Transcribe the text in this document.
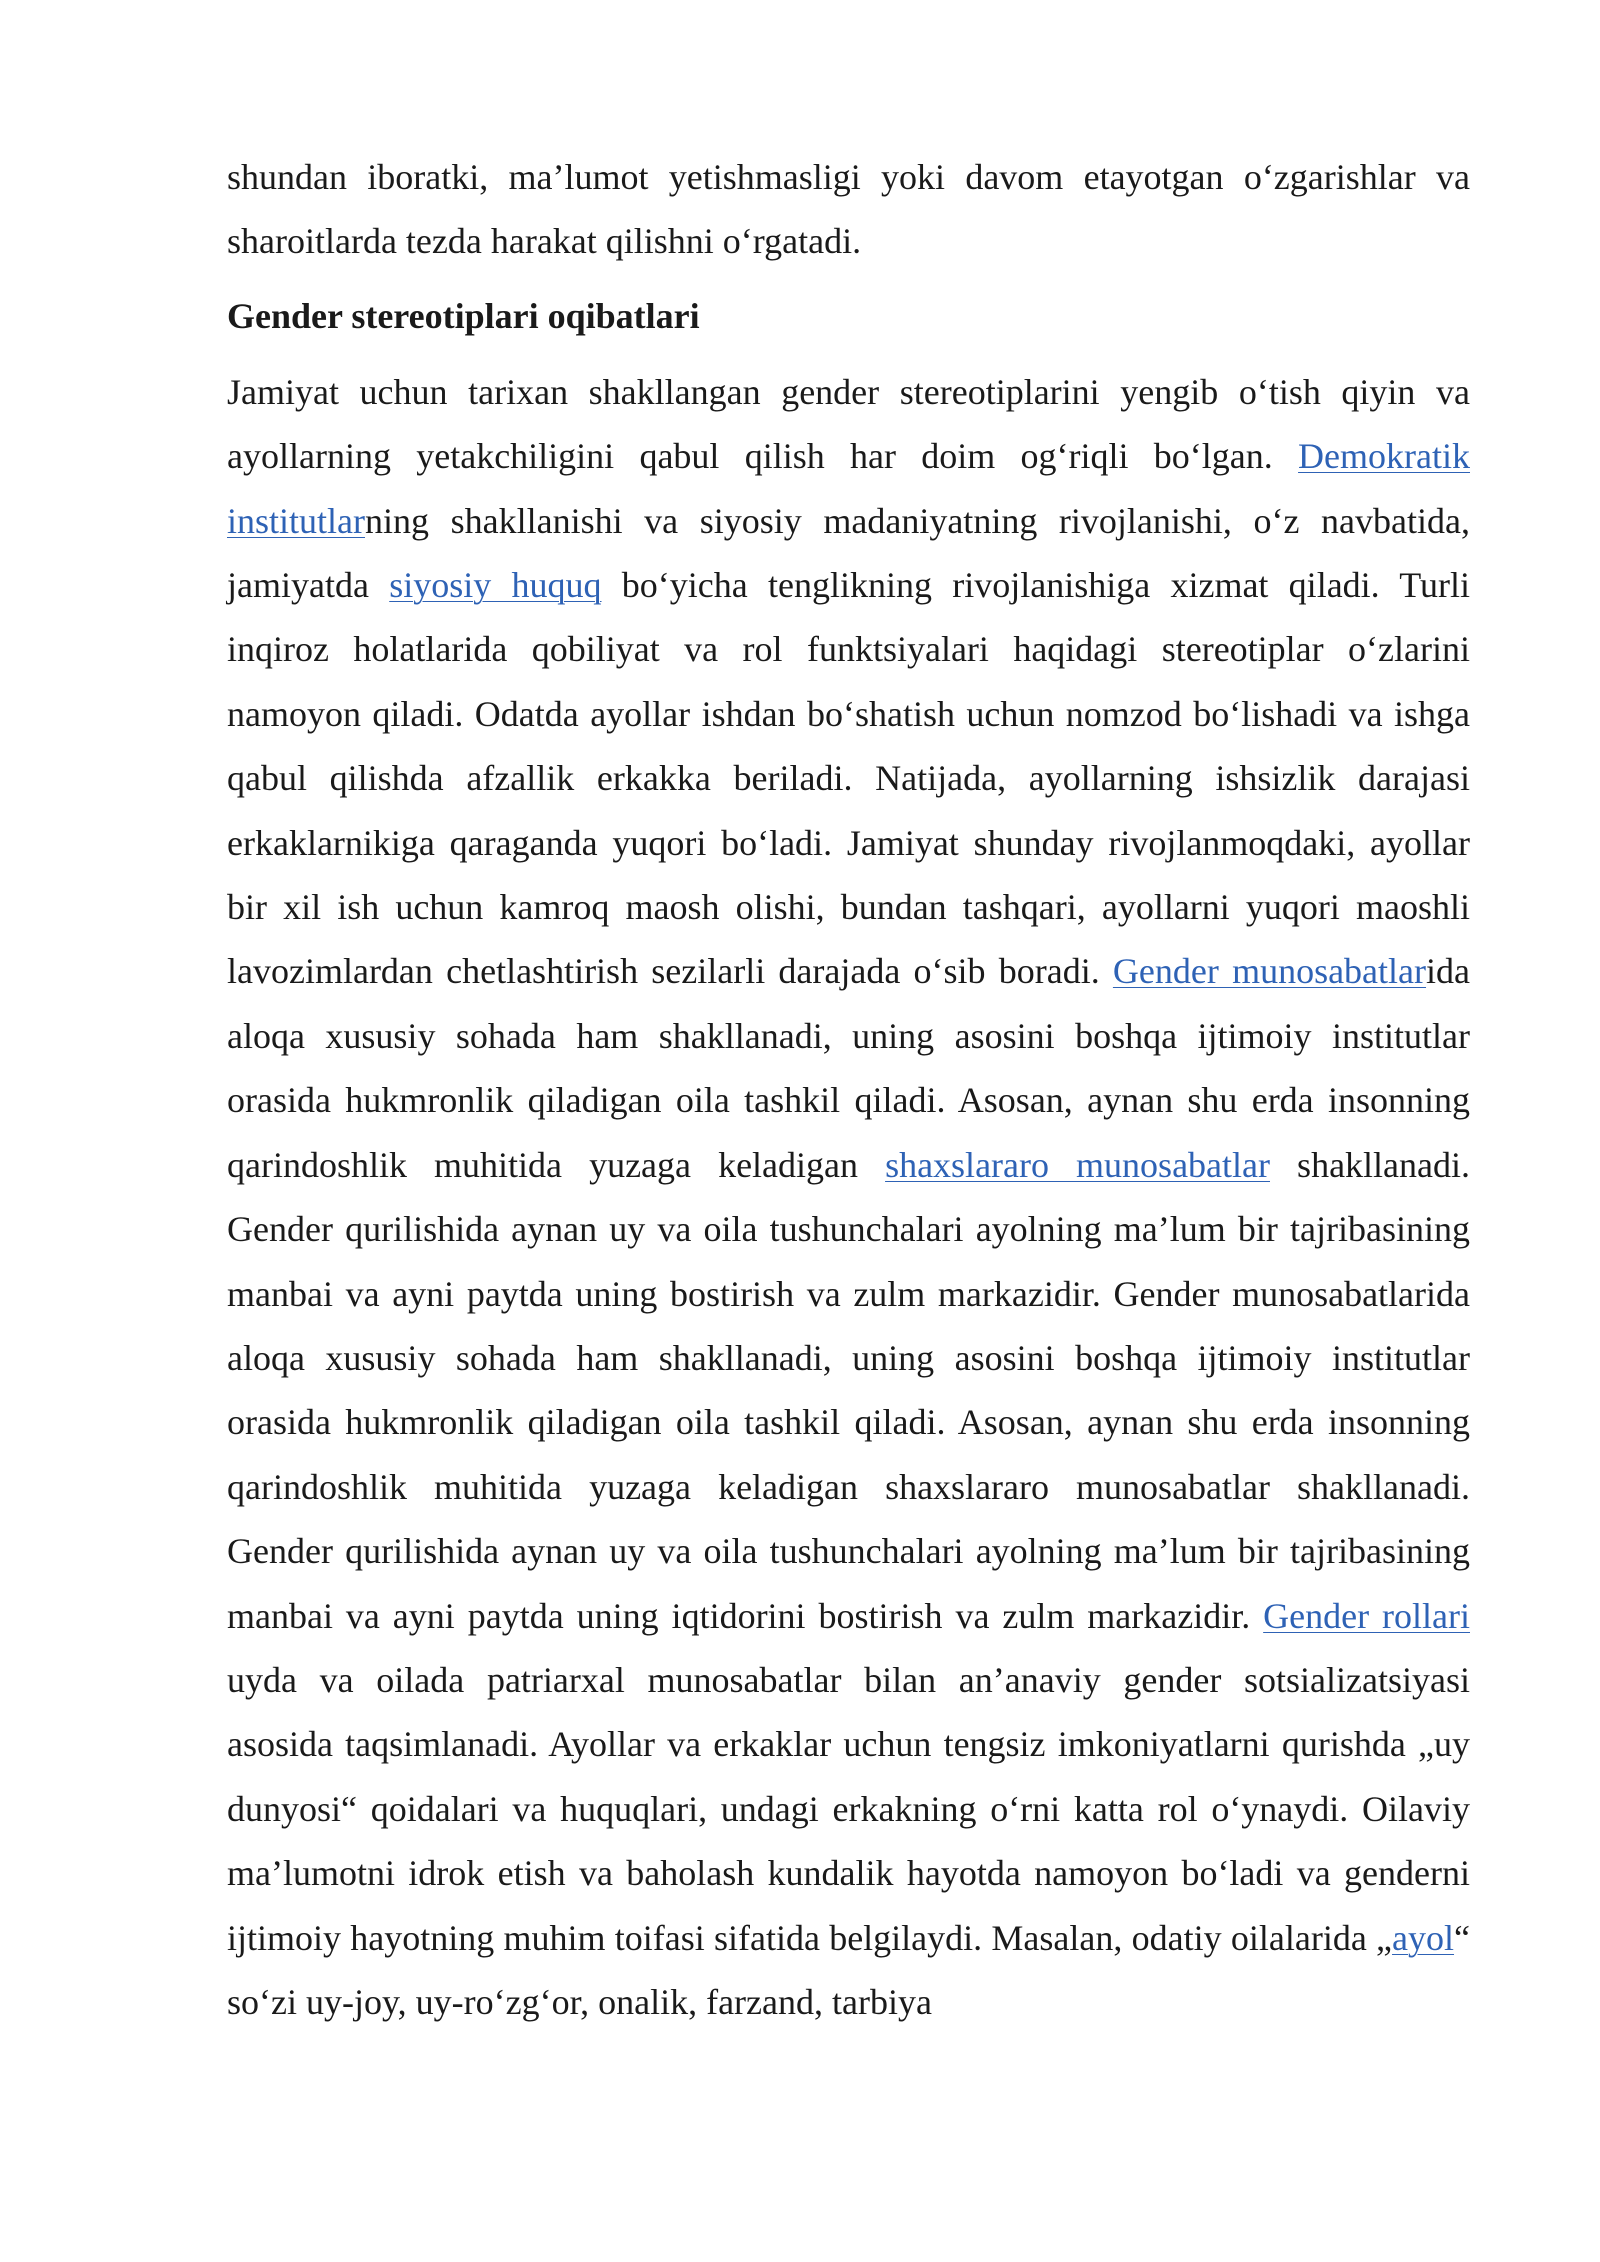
shundan iboratki, ma’lumot yetishmasligi yoki davom etayotgan o‘zgarishlar va sharoitlarda tezda harakat qilishni o‘rgatadi.

Gender stereotiplari oqibatlari

Jamiyat uchun tarixan shakllangan gender stereotiplarini yengib o‘tish qiyin va ayollarning yetakchiligini qabul qilish har doim og‘riqli bo‘lgan. Demokratik institutlarning shakllanishi va siyosiy madaniyatning rivojlanishi, o‘z navbatida, jamiyatda siyosiy huquq bo‘yicha tenglikning rivojlanishiga xizmat qiladi. Turli inqiroz holatlarida qobiliyat va rol funktsiyalari haqidagi stereotiplar o‘zlarini namoyon qiladi. Odatda ayollar ishdan bo‘shatish uchun nomzod bo‘lishadi va ishga qabul qilishda afzallik erkakka beriladi. Natijada, ayollarning ishsizlik darajasi erkaklarnikiga qaraganda yuqori bo‘ladi. Jamiyat shunday rivojlanmoqdaki, ayollar bir xil ish uchun kamroq maosh olishi, bundan tashqari, ayollarni yuqori maoshli lavozimlardan chetlashtirish sezilarli darajada o‘sib boradi. Gender munosabatlarida aloqa xususiy sohada ham shakllanadi, uning asosini boshqa ijtimoiy institutlar orasida hukmronlik qiladigan oila tashkil qiladi. Asosan, aynan shu erda insonning qarindoshlik muhitida yuzaga keladigan shaxslararo munosabatlar shakllanadi. Gender qurilishida aynan uy va oila tushunchalari ayolning ma’lum bir tajribasining manbai va ayni paytda uning bostirish va zulm markazidir. Gender munosabatlarida aloqa xususiy sohada ham shakllanadi, uning asosini boshqa ijtimoiy institutlar orasida hukmronlik qiladigan oila tashkil qiladi. Asosan, aynan shu erda insonning qarindoshlik muhitida yuzaga keladigan shaxslararo munosabatlar shakllanadi. Gender qurilishida aynan uy va oila tushunchalari ayolning ma’lum bir tajribasining manbai va ayni paytda uning iqtidorini bostirish va zulm markazidir. Gender rollari uyda va oilada patriarxal munosabatlar bilan an’anaviy gender sotsializatsiyasi asosida taqsimlanadi. Ayollar va erkaklar uchun tengsiz imkoniyatlarni qurishda „uy dunyosi“ qoidalari va huquqlari, undagi erkakning o‘rni katta rol o‘ynaydi. Oilaviy ma’lumotni idrok etish va baholash kundalik hayotda namoyon bo‘ladi va genderni ijtimoiy hayotning muhim toifasi sifatida belgilaydi. Masalan, odatiy oilalarida „ayol“ so‘zi uy-joy, uy-ro‘zg‘or, onalik, farzand, tarbiya
